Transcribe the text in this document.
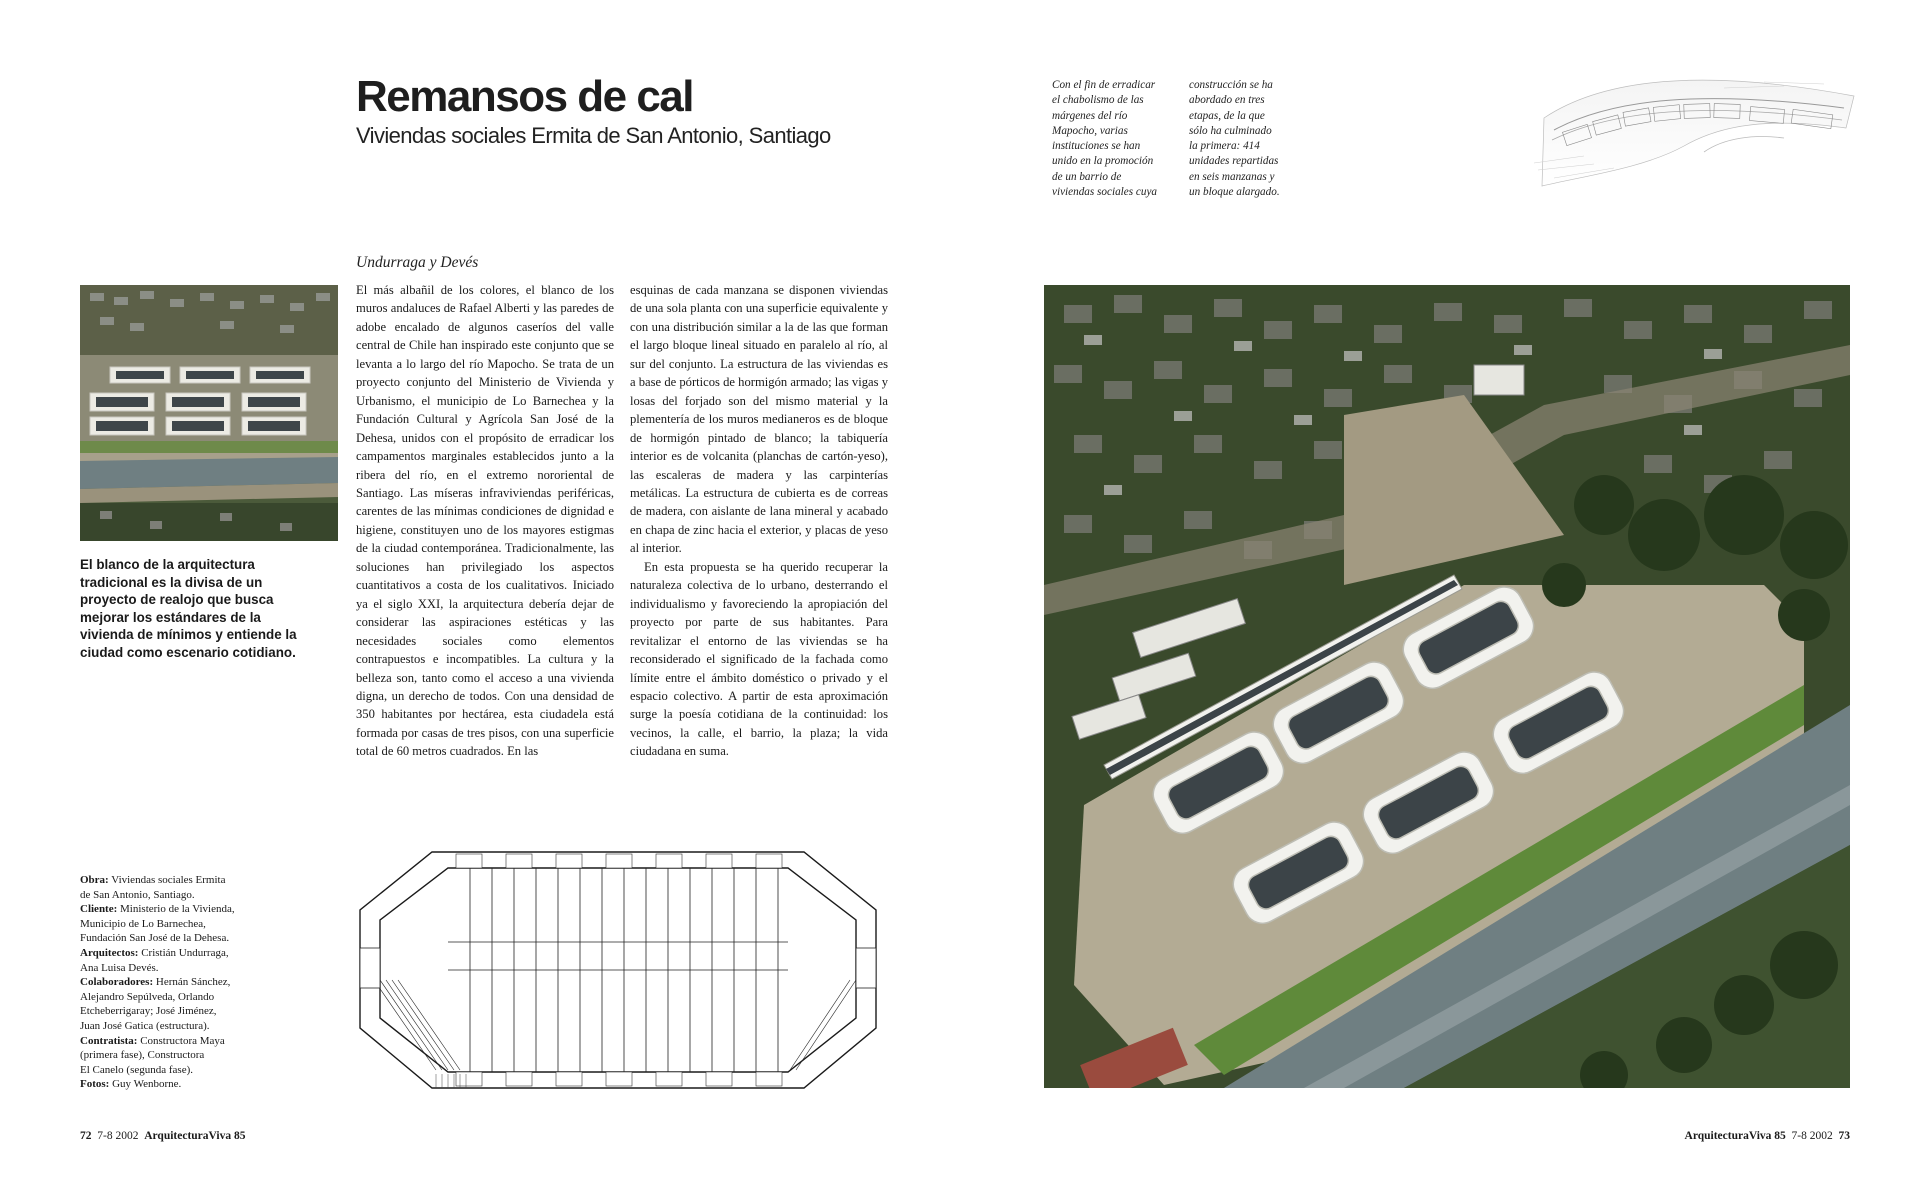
Remansos de cal
Viviendas sociales Ermita de San Antonio, Santiago
Undurraga y Devés
Con el fin de erradicar
el chabolismo de las
márgenes del río
Mapocho, varias
instituciones se han
unido en la promoción
de un barrio de
viviendas sociales cuya
construcción se ha
abordado en tres
etapas, de la que
sólo ha culminado
la primera: 414
unidades repartidas
en seis manzanas y
un bloque alargado.
El blanco de la arquitectura tradicional es la divisa de un proyecto de realojo que busca mejorar los estándares de la vivienda de mínimos y entiende la ciudad como escenario cotidiano.

El más albañil de los colores, el blanco de los muros andaluces de Rafael Alberti y las paredes de adobe encalado de algunos caseríos del valle central de Chile han inspirado este conjunto que se levanta a lo largo del río Mapocho. Se trata de un proyecto conjunto del Ministerio de Vivienda y Urbanismo, el municipio de Lo Barnechea y la Fundación Cultural y Agrícola San José de la Dehesa, unidos con el propósito de erradicar los campamentos marginales establecidos junto a la ribera del río, en el extremo nororiental de Santiago. Las míseras infraviviendas periféricas, carentes de las mínimas condiciones de dignidad e higiene, constituyen uno de los mayores estigmas de la ciudad contemporánea. Tradicionalmente, las soluciones han privilegiado los aspectos cuantitativos a costa de los cualitativos. Iniciado ya el siglo XXI, la arquitectura debería dejar de considerar las aspiraciones estéticas y las necesidades sociales como elementos contrapuestos e incompatibles. La cultura y la belleza son, tanto como el acceso a una vivienda digna, un derecho de todos. Con una densidad de 350 habitantes por hectárea, esta ciudadela está formada por casas de tres pisos, con una superficie total de 60 metros cuadrados. En las

esquinas de cada manzana se disponen viviendas de una sola planta con una superficie equivalente y con una distribución similar a la de las que forman el largo bloque lineal situado en paralelo al río, al sur del conjunto. La estructura de las viviendas es a base de pórticos de hormigón armado; las vigas y losas del forjado son del mismo material y la plementería de los muros medianeros es de bloque de hormigón pintado de blanco; la tabiquería interior es de volcanita (planchas de cartón-yeso), las escaleras de madera y las carpinterías metálicas. La estructura de cubierta es de correas de madera, con aislante de lana mineral y acabado en chapa de zinc hacia el exterior, y placas de yeso al interior.

En esta propuesta se ha querido recuperar la naturaleza colectiva de lo urbano, desterrando el individualismo y favoreciendo la apropiación del proyecto por parte de sus habitantes. Para revitalizar el entorno de las viviendas se ha reconsiderado el significado de la fachada como límite entre el ámbito doméstico o privado y el espacio colectivo. A partir de esta aproximación surge la poesía cotidiana de la continuidad: los vecinos, la calle, el barrio, la plaza; la vida ciudadana en suma.

Obra: Viviendas sociales Ermita
de San Antonio, Santiago.
Cliente: Ministerio de la Vivienda,
Municipio de Lo Barnechea,
Fundación San José de la Dehesa.
Arquitectos: Cristián Undurraga,
Ana Luisa Devés.
Colaboradores: Hernán Sánchez,
Alejandro Sepúlveda, Orlando
Etcheberrigaray; José Jiménez,
Juan José Gatica (estructura).
Contratista: Constructora Maya
(primera fase), Constructora
El Canelo (segunda fase).
Fotos: Guy Wenborne.
72 7-8 2002 ArquitecturaViva 85	ArquitecturaViva 85 7-8 2002 73
